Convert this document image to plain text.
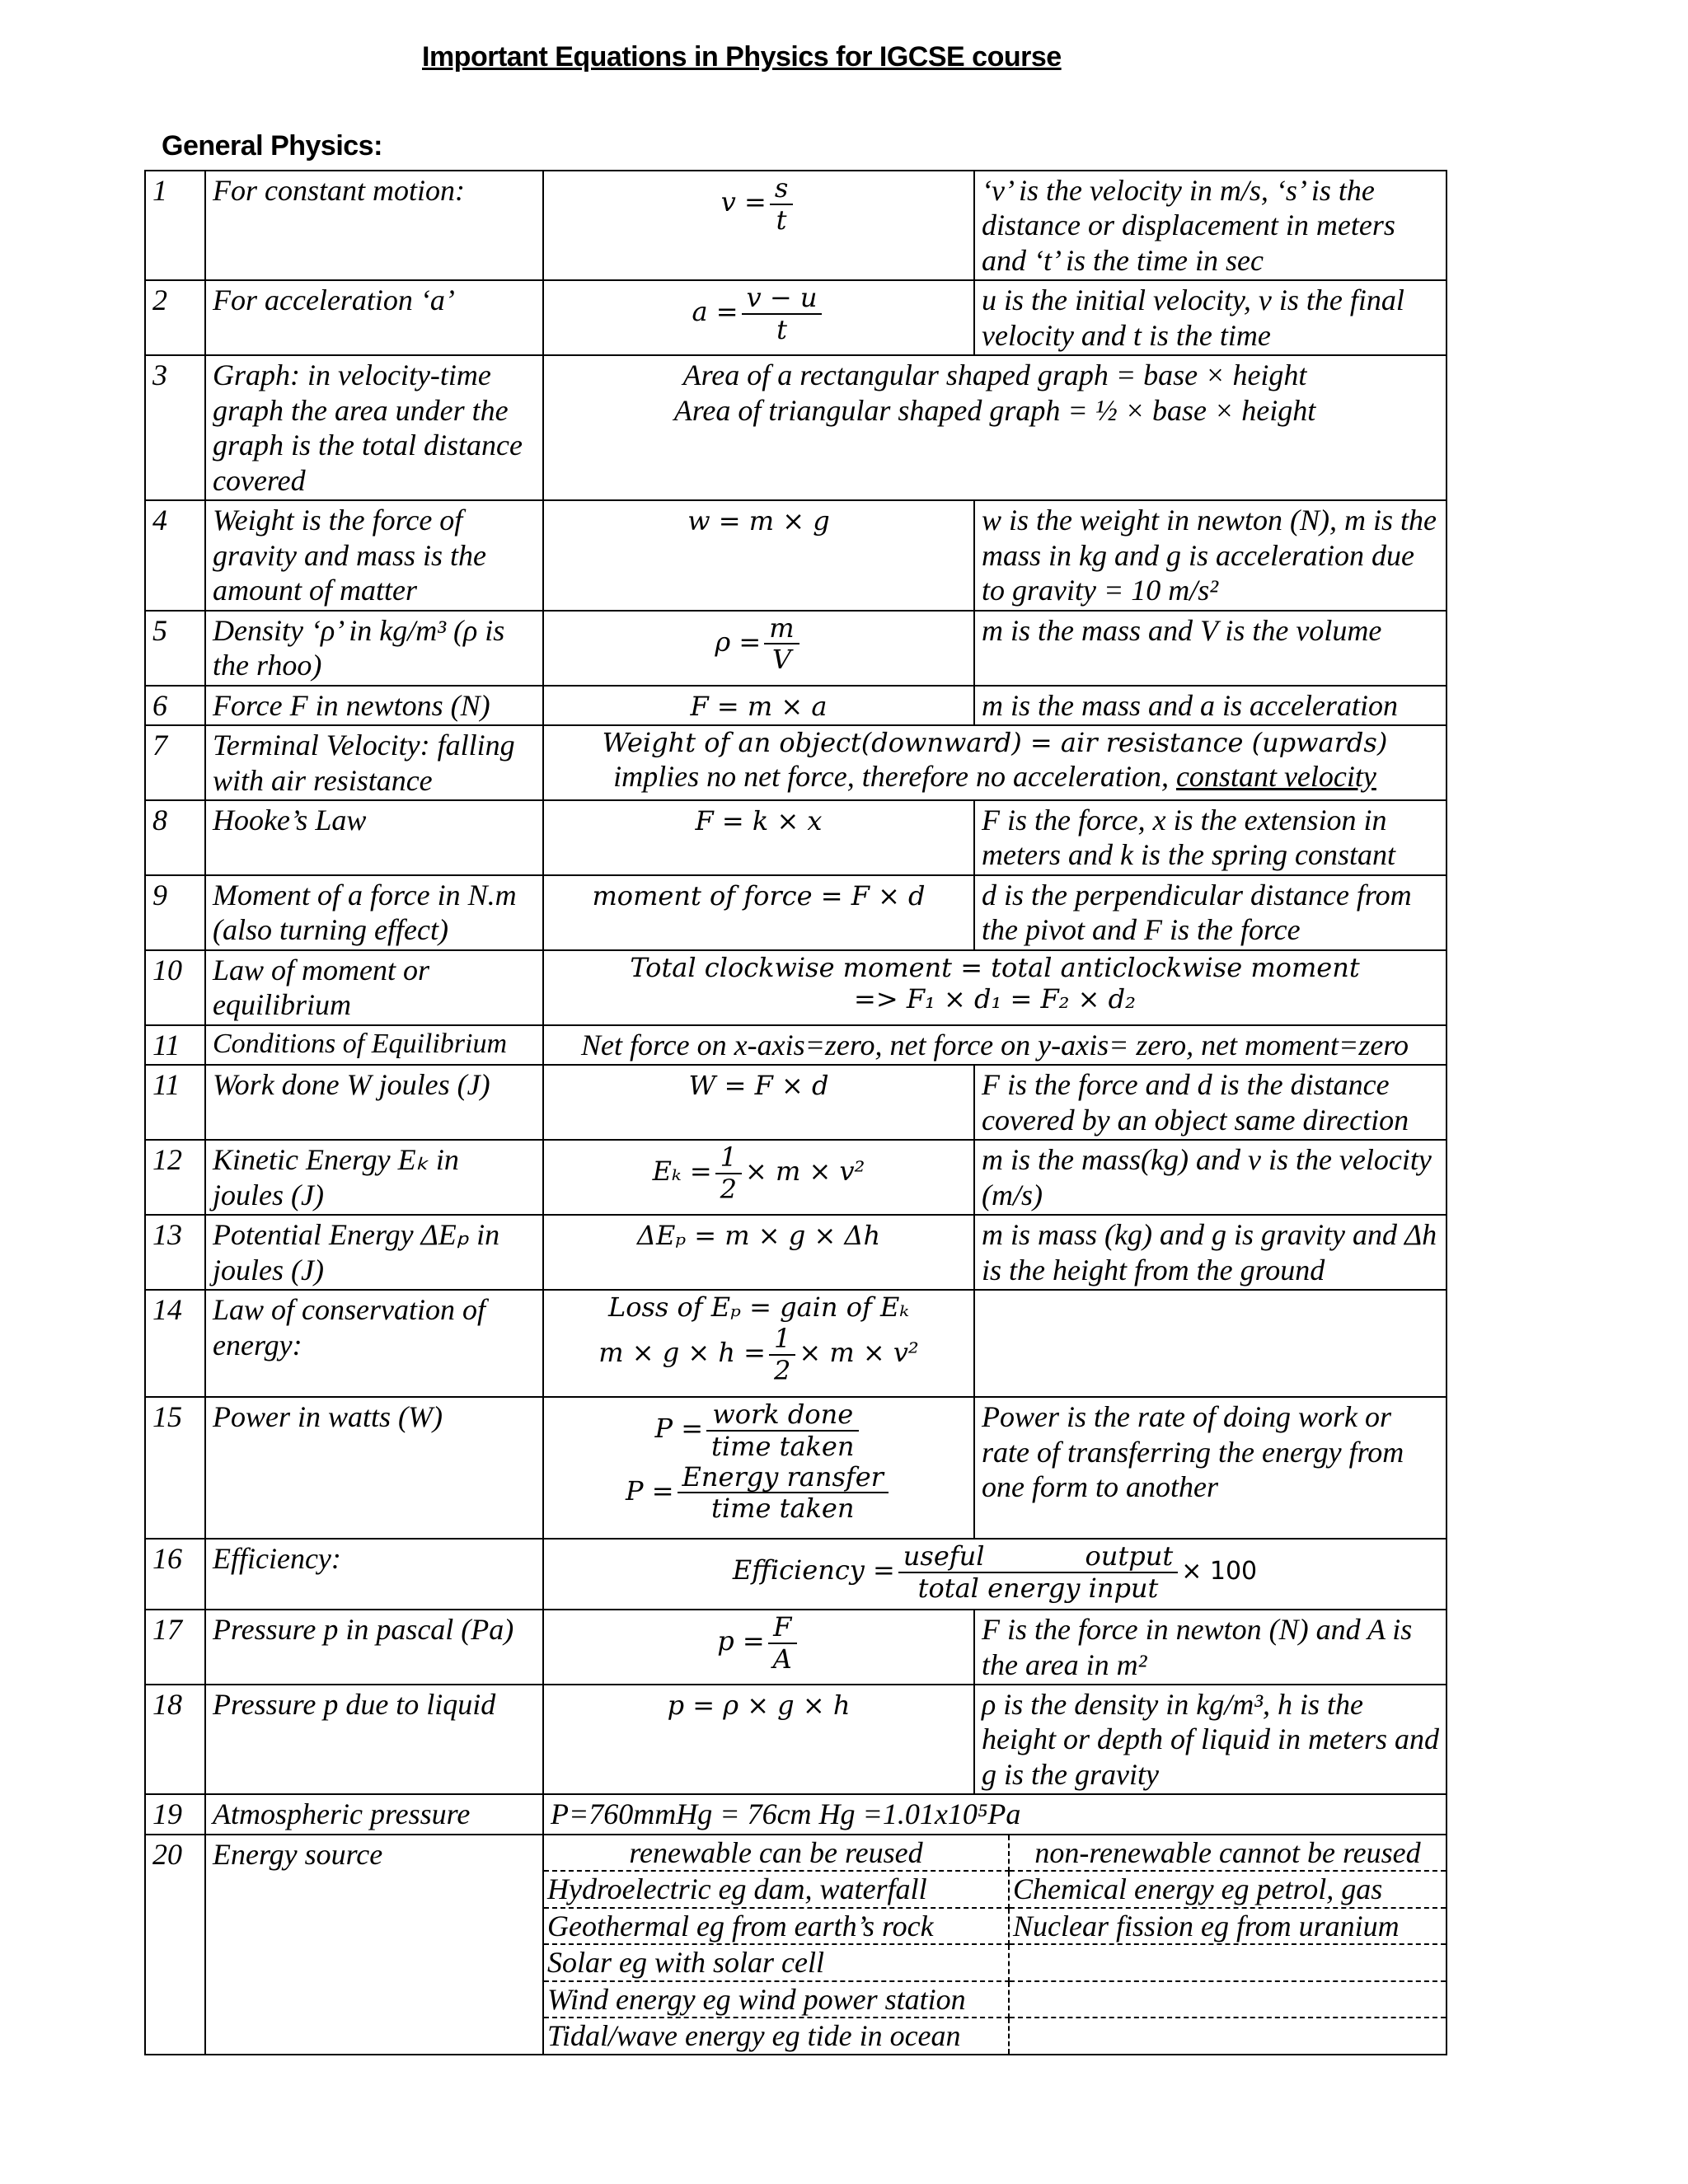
Important Equations in Physics for IGCSE course
General Physics:
1	For constant motion:	$v = \frac{s}{t}$	‘v’ is the velocity in m/s, ‘s’ is the distance or displacement in meters and ‘t’ is the time in sec
2	For acceleration ‘a’	$a = \frac{v - u}{t}$	u is the initial velocity, v is the final velocity and t is the time
3	Graph: in velocity-time graph the area under the graph is the total distance covered	
Area of a rectangular shaped graph = base × height
Area of triangular shaped graph = ½ × base × height

4	Weight is the force of gravity and mass is the amount of matter	w = m × g	w is the weight in newton (N), m is the mass in kg and g is acceleration due to gravity = 10 m/s²
5	Density ‘ρ’ in kg/m³ (ρ is the rhoo)	$\rho = \frac{m}{V}$	m is the mass and V is the volume
6	Force F in newtons (N)	F = m × a	m is the mass and a is acceleration
7	Terminal Velocity: falling with air resistance	
Weight of an object(downward) = air resistance (upwards)
implies no net force, therefore no acceleration, constant velocity

8	Hooke’s Law	F = k × x	F is the force, x is the extension in meters and k is the spring constant
9	Moment of a force in N.m (also turning effect)	moment of force = F × d	d is the perpendicular distance from the pivot and F is the force
10	Law of moment or equilibrium	
Total clockwise moment = total anticlockwise moment
=> F₁ × d₁ = F₂ × d₂

11	Conditions of Equilibrium	Net force on x-axis=zero, net force on y-axis= zero, net moment=zero

11	Work done W joules (J)	W = F × d	F is the force and d is the distance covered by an object same direction
12	Kinetic Energy Eₖ in joules (J)	$E_k = \frac{1}{2} \times m \times v^2$	m is the mass(kg) and v is the velocity (m/s)
13	Potential Energy ΔEₚ in joules (J)	ΔEₚ = m × g × Δh	m is mass (kg) and g is gravity and Δh is the height from the ground
14	Law of conservation of energy:	
Loss of Eₚ = gain of Eₖ
$m \times g \times h = \frac{1}{2} \times m \times v^2$

15	Power in watts (W)	$P = \frac{\text{work done}}{\text{time taken}}$
$P = \frac{\text{Energy ransfer}}{\text{time taken}}$
	Power is the rate of doing work or rate of transferring the energy from one form to another
16	Efficiency:	Efficiency = $\frac{\text{useful            output}}{\text{total energy input}} \times 100$
17	Pressure p in pascal (Pa)	$p = \frac{F}{A}$	F is the force in newton (N) and A is the area in m²
18	Pressure p due to liquid	p = ρ × g × h	ρ is the density in kg/m³, h is the height or depth of liquid in meters and g is the gravity
19	Atmospheric pressure	P=760mmHg = 76cm Hg =1.01x10⁵Pa
20	Energy source		renewable can be reused	non-renewable cannot be reused
Hydroelectric eg dam, waterfall	Chemical energy eg petrol, gas
Geothermal eg from earth’s rock	Nuclear fission eg from uranium
Solar eg with solar cell	
Wind energy eg wind power station	
Tidal/wave energy eg tide in ocean	
